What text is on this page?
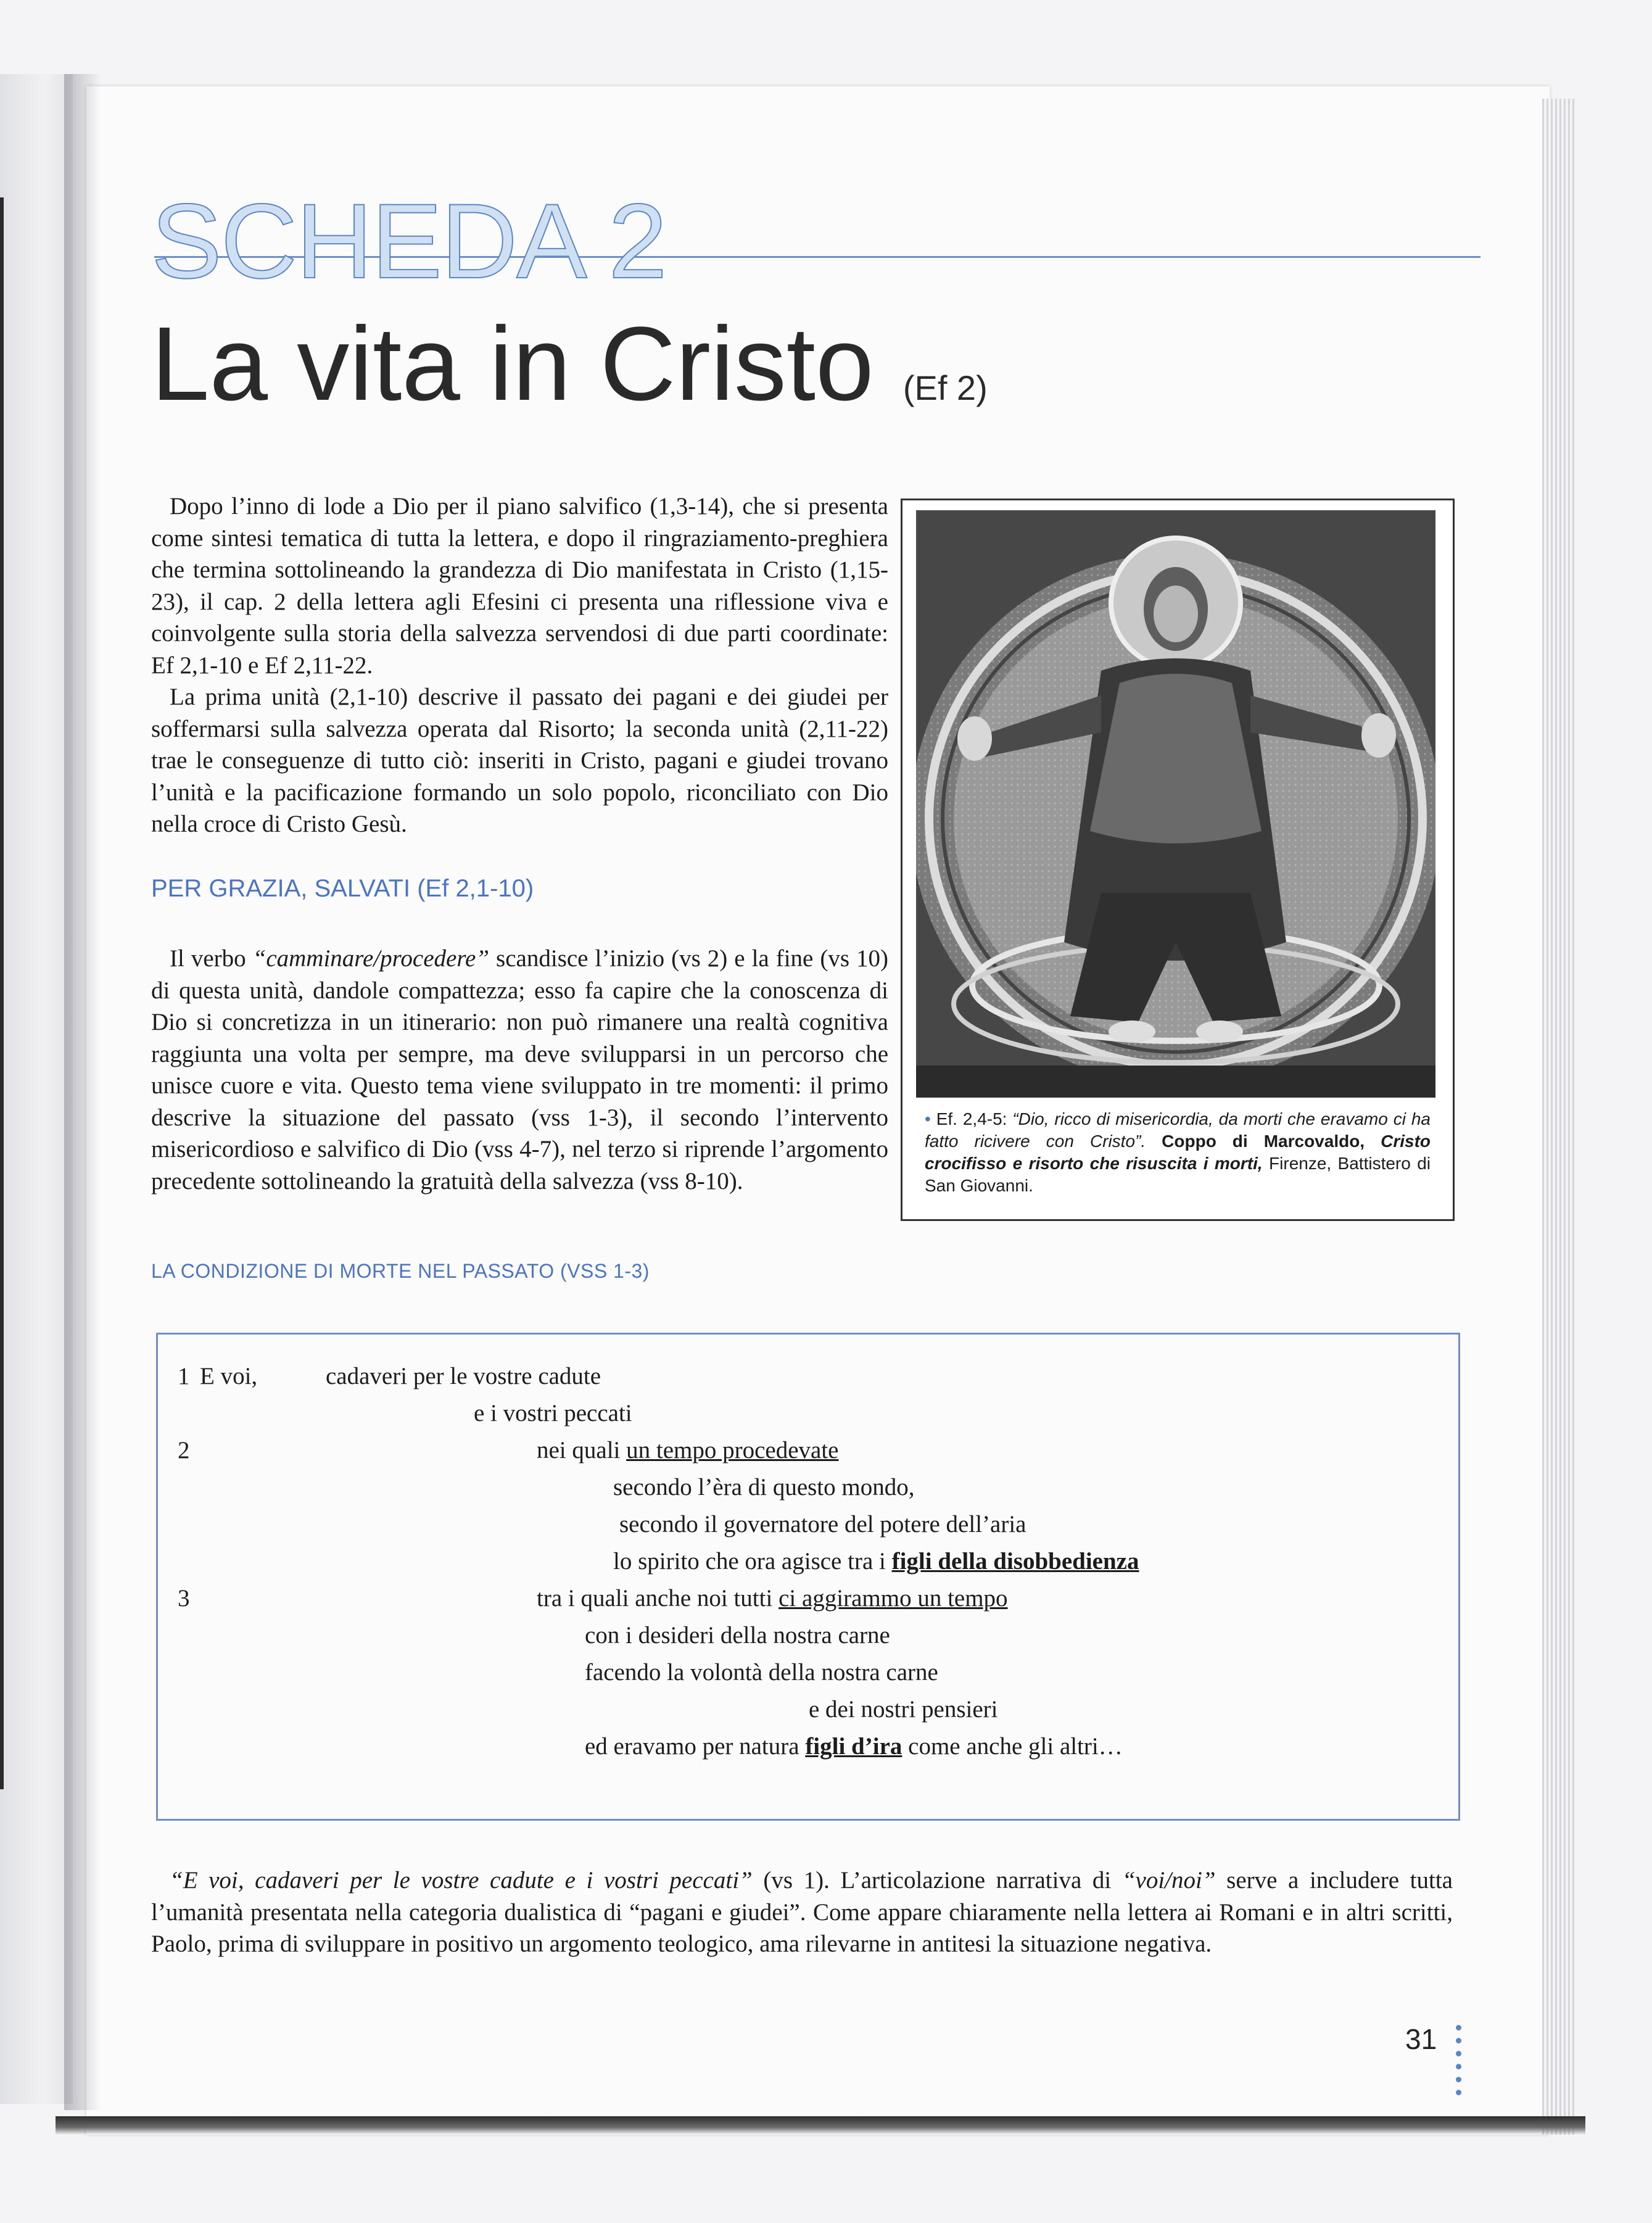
SCHEDA 2
La vita in Cristo (Ef 2)

Dopo l’inno di lode a Dio per il piano salvifico (1,3-14), che si presenta come sintesi tematica di tutta la lettera, e dopo il ringraziamento-preghiera che termina sottolineando la grandezza di Dio manifestata in Cristo (1,15-23), il cap. 2 della lettera agli Efesini ci presenta una riflessione viva e coinvolgente sulla storia della salvezza servendosi di due parti coordinate: Ef 2,1-10 e Ef 2,11-22.

La prima unità (2,1-10) descrive il passato dei pagani e dei giudei per soffermarsi sulla salvezza operata dal Risorto; la seconda unità (2,11-22) trae le conseguenze di tutto ciò: inseriti in Cristo, pagani e giudei trovano l’unità e la pacificazione formando un solo popolo, riconciliato con Dio nella croce di Cristo Gesù.

PER GRAZIA, SALVATI (Ef 2,1-10)

Il verbo “camminare/procedere” scandisce l’inizio (vs 2) e la fine (vs 10) di questa unità, dandole compattezza; esso fa capire che la conoscenza di Dio si concretizza in un itinerario: non può rimanere una realtà cognitiva raggiunta una volta per sempre, ma deve svilupparsi in un percorso che unisce cuore e vita. Questo tema viene sviluppato in tre momenti: il primo descrive la situazione del passato (vss 1-3), il secondo l’intervento misericordioso e salvifico di Dio (vss 4-7), nel terzo si riprende l’argomento precedente sottolineando la gratuità della salvezza (vss 8-10).

• Ef. 2,4-5: “Dio, ricco di misericordia, da morti che eravamo ci ha fatto ricivere con Cristo”. Coppo di Marcovaldo, Cristo crocifisso e risorto che risuscita i morti, Firenze, Battistero di San Giovanni.
LA CONDIZIONE DI MORTE NEL PASSATO (VSS 1-3)
1 E voi,	cadaveri per le vostre cadute
e i vostri peccati
2	nei quali un tempo procedevate
secondo l’èra di questo mondo,
secondo il governatore del potere dell’aria
lo spirito che ora agisce tra i figli della disobbedienza
3	tra i quali anche noi tutti ci aggirammo un tempo
con i desideri della nostra carne
facendo la volontà della nostra carne
e dei nostri pensieri
ed eravamo per natura figli d’ira come anche gli altri…

“E voi, cadaveri per le vostre cadute e i vostri peccati” (vs 1). L’articolazione narrativa di “voi/noi” serve a includere tutta l’umanità presentata nella categoria dualistica di “pagani e giudei”. Come appare chiaramente nella lettera ai Romani e in altri scritti, Paolo, prima di sviluppare in positivo un argomento teologico, ama rilevarne in antitesi la situazione negativa.

31
